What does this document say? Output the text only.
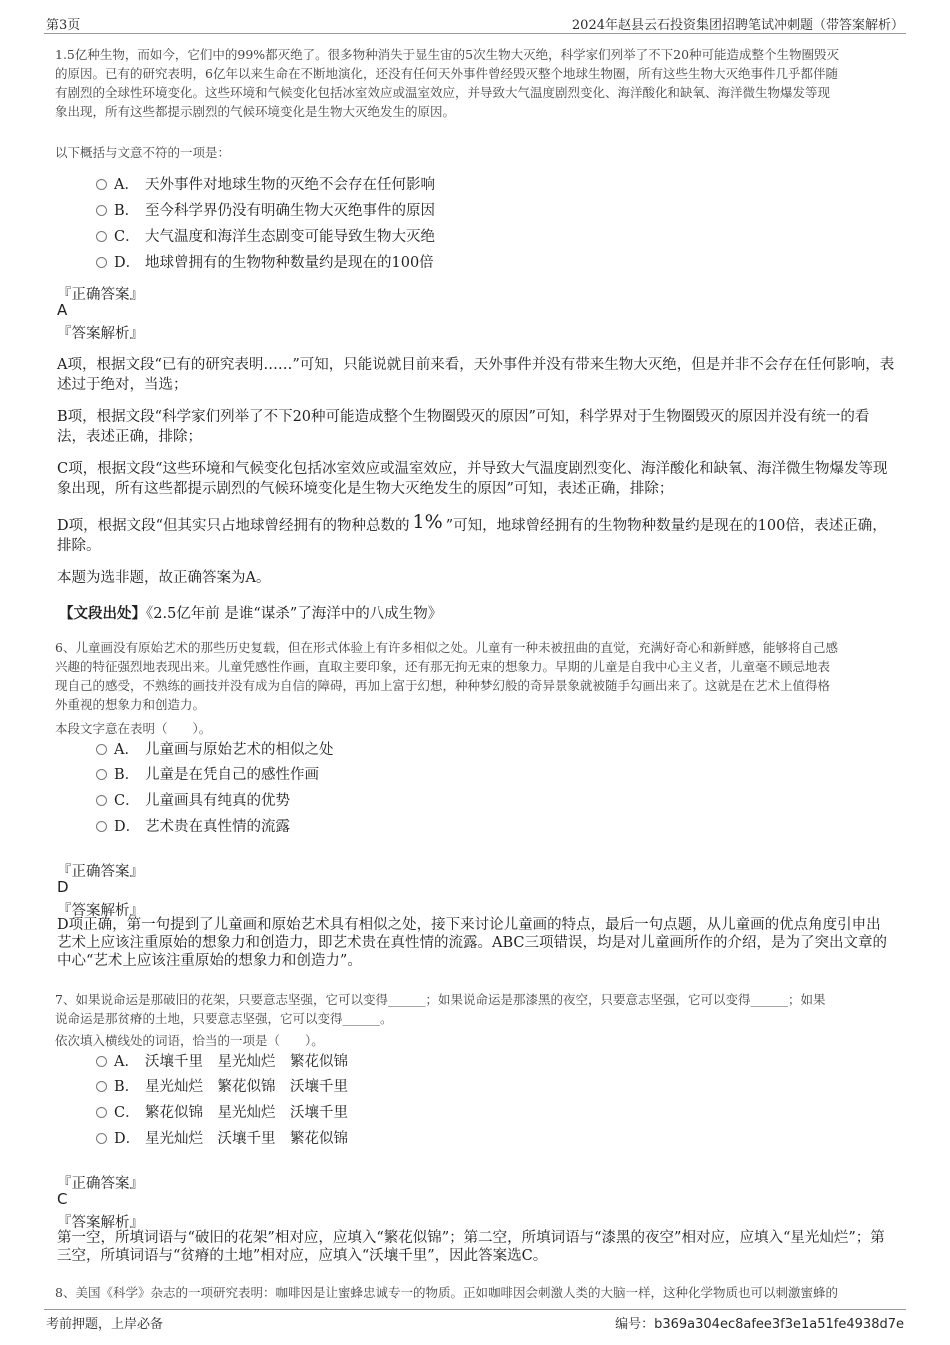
第3页	2024年赵县云石投资集团招聘笔试冲刺题（带答案解析）
1.5亿种生物，而如今，它们中的99%都灭绝了。很多物种消失于显生宙的5次生物大灭绝，科学家们列举了不下20种可能造成整个生物圈毁灭
的原因。已有的研究表明，6亿年以来生命在不断地演化，还没有任何天外事件曾经毁灭整个地球生物圈，所有这些生物大灭绝事件几乎都伴随
有剧烈的全球性环境变化。这些环境和气候变化包括冰室效应或温室效应，并导致大气温度剧烈变化、海洋酸化和缺氧、海洋微生物爆发等现
象出现，所有这些都提示剧烈的气候环境变化是生物大灭绝发生的原因。
以下概括与文意不符的一项是：
A． 天外事件对地球生物的灭绝不会存在任何影响
B． 至今科学界仍没有明确生物大灭绝事件的原因
C． 大气温度和海洋生态剧变可能导致生物大灭绝
D． 地球曾拥有的生物物种数量约是现在的100倍
『正确答案』
A
『答案解析』
A项，根据文段“已有的研究表明……”可知，只能说就目前来看，天外事件并没有带来生物大灭绝，但是并非不会存在任何影响，表述过于绝对，当选；
B项，根据文段“科学家们列举了不下20种可能造成整个生物圈毁灭的原因”可知，科学界对于生物圈毁灭的原因并没有统一的看法，表述正确，排除；
C项，根据文段“这些环境和气候变化包括冰室效应或温室效应，并导致大气温度剧烈变化、海洋酸化和缺氧、海洋微生物爆发等现象出现，所有这些都提示剧烈的气候环境变化是生物大灭绝发生的原因”可知，表述正确，排除；
D项，根据文段“但其实只占地球曾经拥有的物种总数的 1% ”可知，地球曾经拥有的生物物种数量约是现在的100倍，表述正确，排除。
本题为选非题，故正确答案为A。
【文段出处】《2.5亿年前 是谁“谋杀”了海洋中的八成生物》
6、儿童画没有原始艺术的那些历史复载，但在形式体验上有许多相似之处。儿童有一种未被扭曲的直觉，充满好奇心和新鲜感，能够将自己感
兴趣的特征强烈地表现出来。儿童凭感性作画，直取主要印象，还有那无拘无束的想象力。早期的儿童是自我中心主义者，儿童毫不顾忌地表
现自己的感受，不熟练的画技并没有成为自信的障碍，再加上富于幻想，种种梦幻般的奇异景象就被随手勾画出来了。这就是在艺术上值得格
外重视的想象力和创造力。
本段文字意在表明（　　）。
A． 儿童画与原始艺术的相似之处
B． 儿童是在凭自己的感性作画
C． 儿童画具有纯真的优势
D． 艺术贵在真性情的流露
『正确答案』
D
『答案解析』
D项正确，第一句提到了儿童画和原始艺术具有相似之处，接下来讨论儿童画的特点，最后一句点题，从儿童画的优点角度引申出艺术上应该注重原始的想象力和创造力，即艺术贵在真性情的流露。ABC三项错误，均是对儿童画所作的介绍，是为了突出文章的中心“艺术上应该注重原始的想象力和创造力”。
7、如果说命运是那破旧的花架，只要意志坚强，它可以变得______；如果说命运是那漆黑的夜空，只要意志坚强，它可以变得______；如果
说命运是那贫瘠的土地，只要意志坚强，它可以变得______。
依次填入横线处的词语，恰当的一项是（　　）。
A． 沃壤千里　星光灿烂　繁花似锦
B． 星光灿烂　繁花似锦　沃壤千里
C． 繁花似锦　星光灿烂　沃壤千里
D． 星光灿烂　沃壤千里　繁花似锦
『正确答案』
C
『答案解析』
第一空，所填词语与“破旧的花架”相对应，应填入“繁花似锦”；第二空，所填词语与“漆黑的夜空”相对应，应填入“星光灿烂”；第三空，所填词语与“贫瘠的土地”相对应，应填入“沃壤千里”，因此答案选C。
8、美国《科学》杂志的一项研究表明：咖啡因是让蜜蜂忠诚专一的物质。正如咖啡因会刺激人类的大脑一样，这种化学物质也可以刺激蜜蜂的
考前押题，上岸必备	编号：b369a304ec8afee3f3e1a51fe4938d7e
